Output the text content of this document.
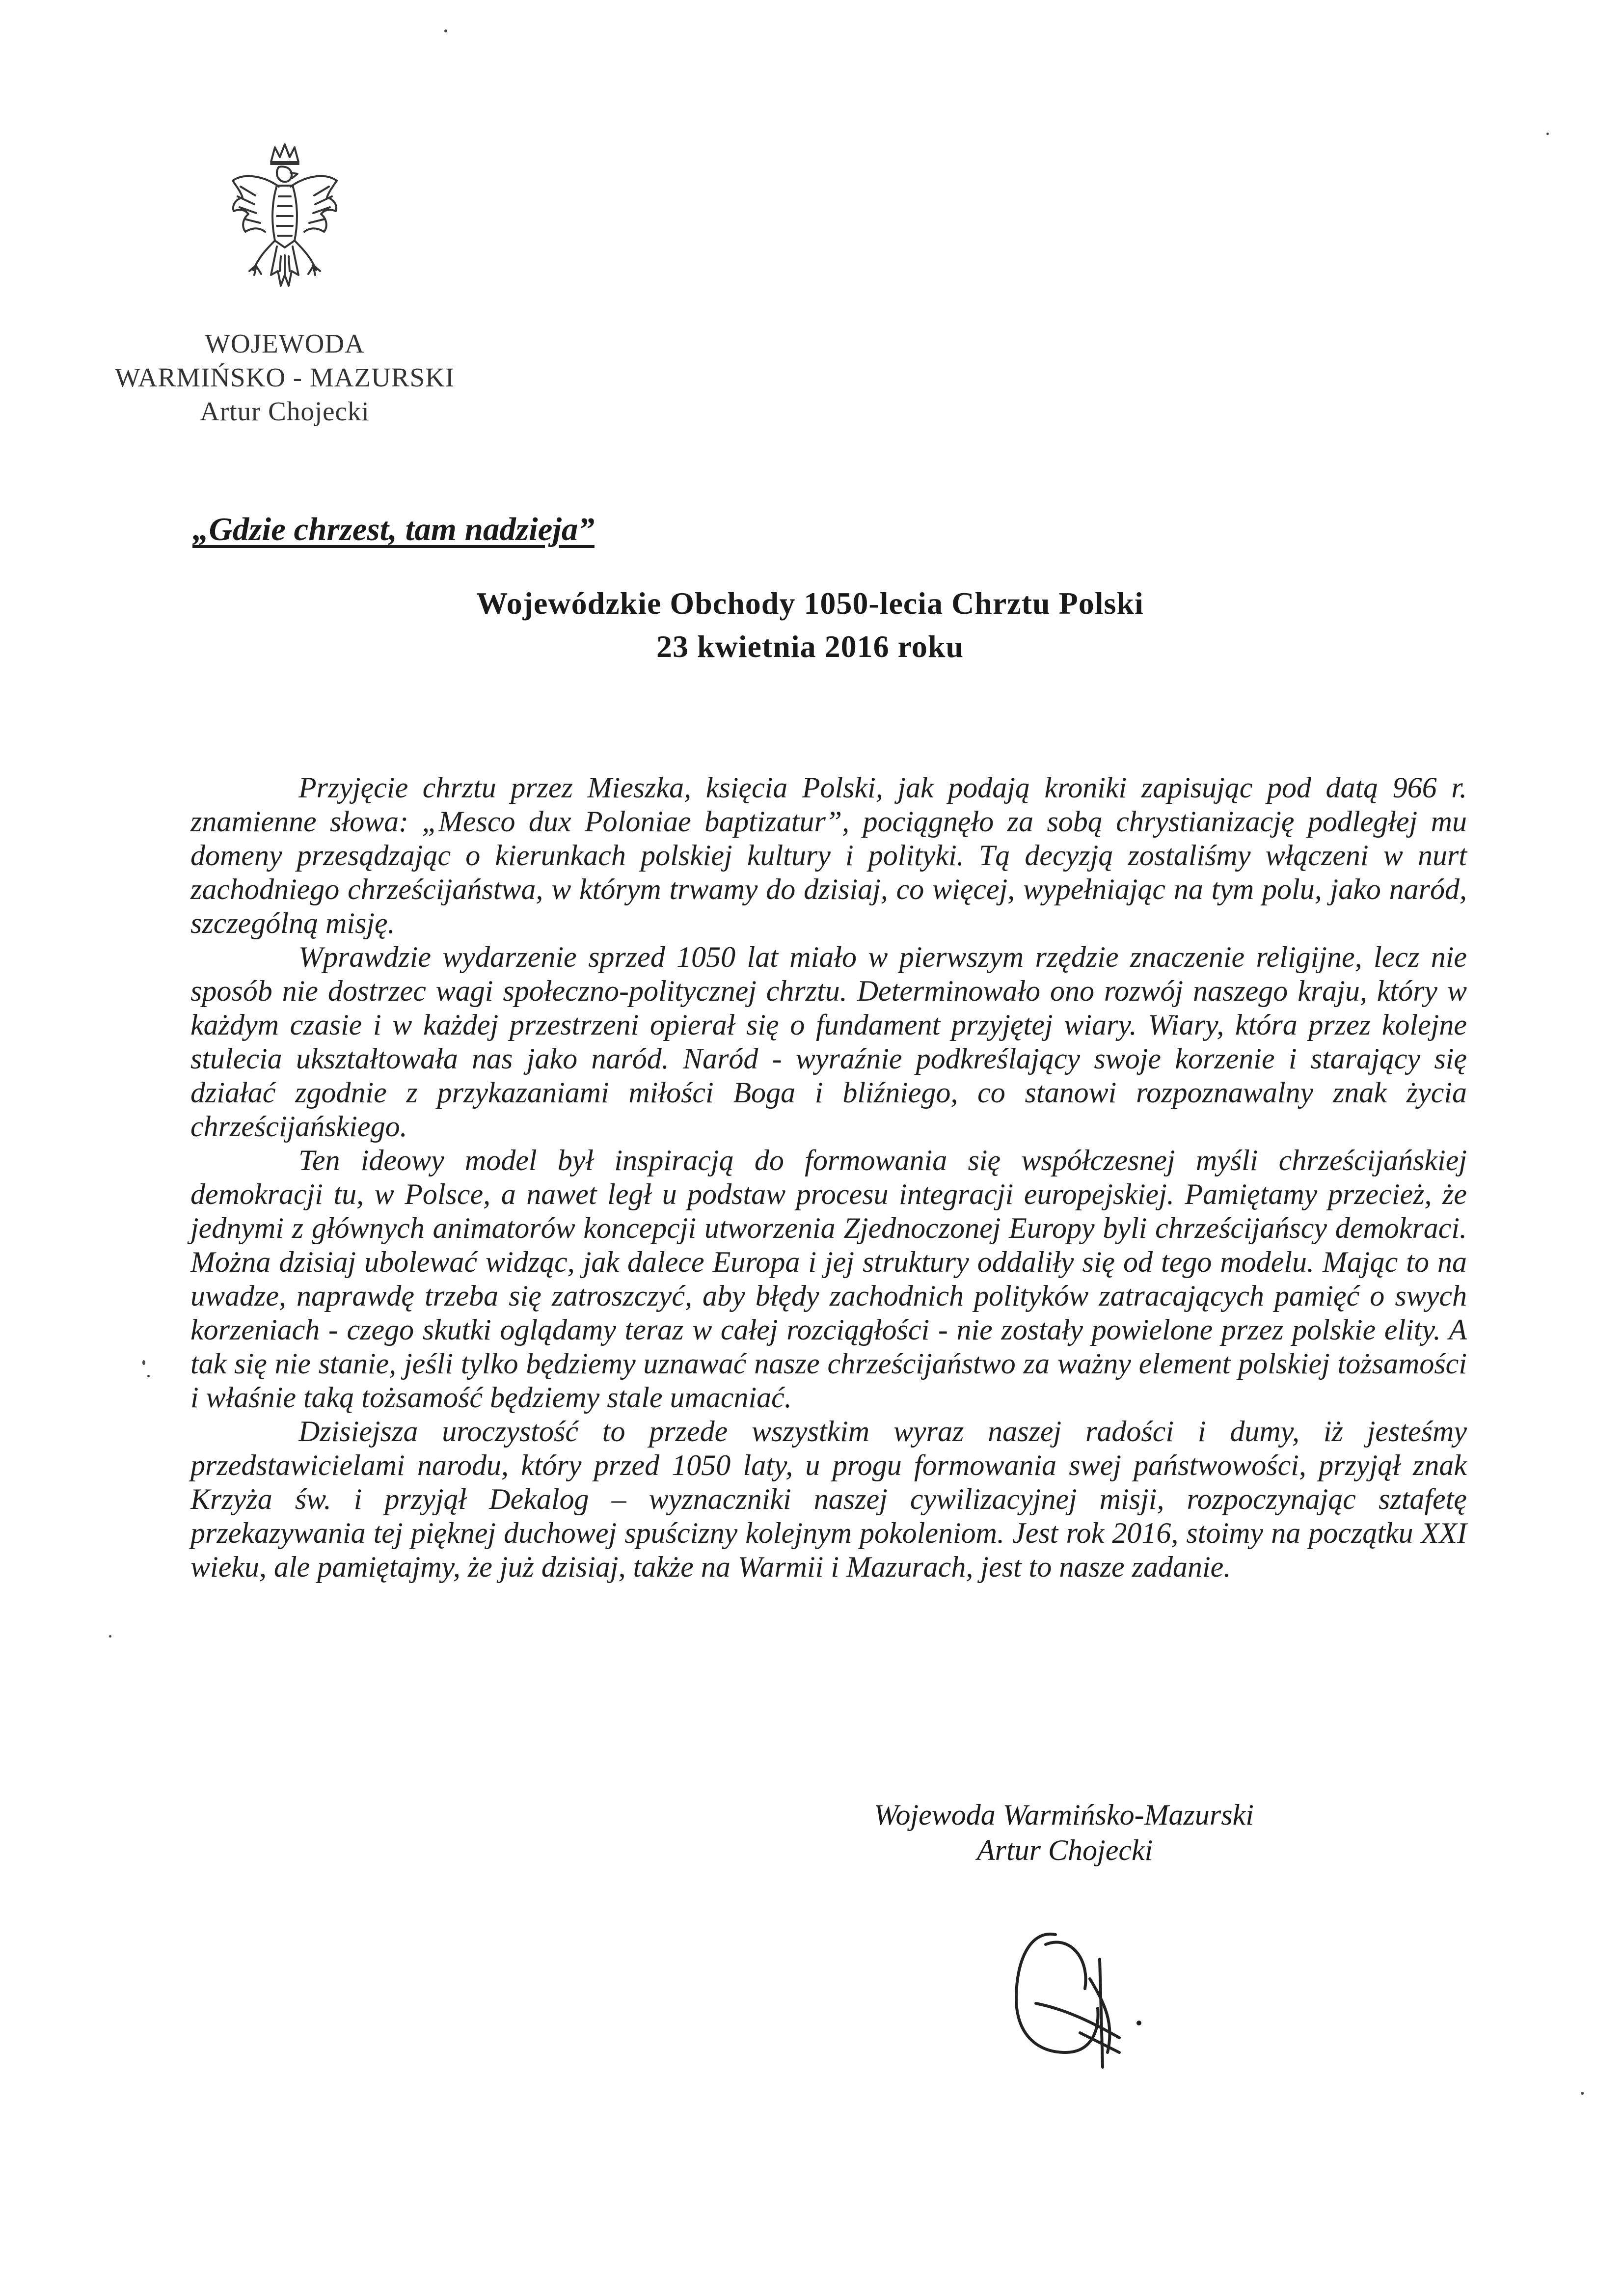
WOJEWODA
WARMIŃSKO - MAZURSKI
Artur Chojecki
„Gdzie chrzest, tam nadzieja”
Wojewódzkie Obchody 1050-lecia Chrztu Polski
23 kwietnia 2016 roku

Przyjęcie chrztu przez Mieszka, księcia Polski, jak podają kroniki zapisując pod datą 966 r. znamienne słowa: „Mesco dux Poloniae baptizatur”, pociągnęło za sobą chrystianizację podległej mu domeny przesądzając o kierunkach polskiej kultury i polityki. Tą decyzją zostaliśmy włączeni w nurt zachodniego chrześcijaństwa, w którym trwamy do dzisiaj, co więcej, wypełniając na tym polu, jako naród, szczególną misję.

Wprawdzie wydarzenie sprzed 1050 lat miało w pierwszym rzędzie znaczenie religijne, lecz nie sposób nie dostrzec wagi społeczno-politycznej chrztu. Determinowało ono rozwój naszego kraju, który w każdym czasie i w każdej przestrzeni opierał się o fundament przyjętej wiary. Wiary, która przez kolejne stulecia ukształtowała nas jako naród. Naród - wyraźnie podkreślający swoje korzenie i starający się działać zgodnie z przykazaniami miłości Boga i bliźniego, co stanowi rozpoznawalny znak życia chrześcijańskiego.

Ten ideowy model był inspiracją do formowania się współczesnej myśli chrześcijańskiej demokracji tu, w Polsce, a nawet legł u podstaw procesu integracji europejskiej. Pamiętamy przecież, że jednymi z głównych animatorów koncepcji utworzenia Zjednoczonej Europy byli chrześcijańscy demokraci. Można dzisiaj ubolewać widząc, jak dalece Europa i jej struktury oddaliły się od tego modelu. Mając to na uwadze, naprawdę trzeba się zatroszczyć, aby błędy zachodnich polityków zatracających pamięć o swych korzeniach - czego skutki oglądamy teraz w całej rozciągłości - nie zostały powielone przez polskie elity. A tak się nie stanie, jeśli tylko będziemy uznawać nasze chrześcijaństwo za ważny element polskiej tożsamości i właśnie taką tożsamość będziemy stale umacniać.

Dzisiejsza uroczystość to przede wszystkim wyraz naszej radości i dumy, iż jesteśmy przedstawicielami narodu, który przed 1050 laty, u progu formowania swej państwowości, przyjął znak Krzyża św. i przyjął Dekalog – wyznaczniki naszej cywilizacyjnej misji, rozpoczynając sztafetę przekazywania tej pięknej duchowej spuścizny kolejnym pokoleniom. Jest rok 2016, stoimy na początku XXI wieku, ale pamiętajmy, że już dzisiaj, także na Warmii i Mazurach, jest to nasze zadanie.

Wojewoda Warmińsko-Mazurski
Artur Chojecki
